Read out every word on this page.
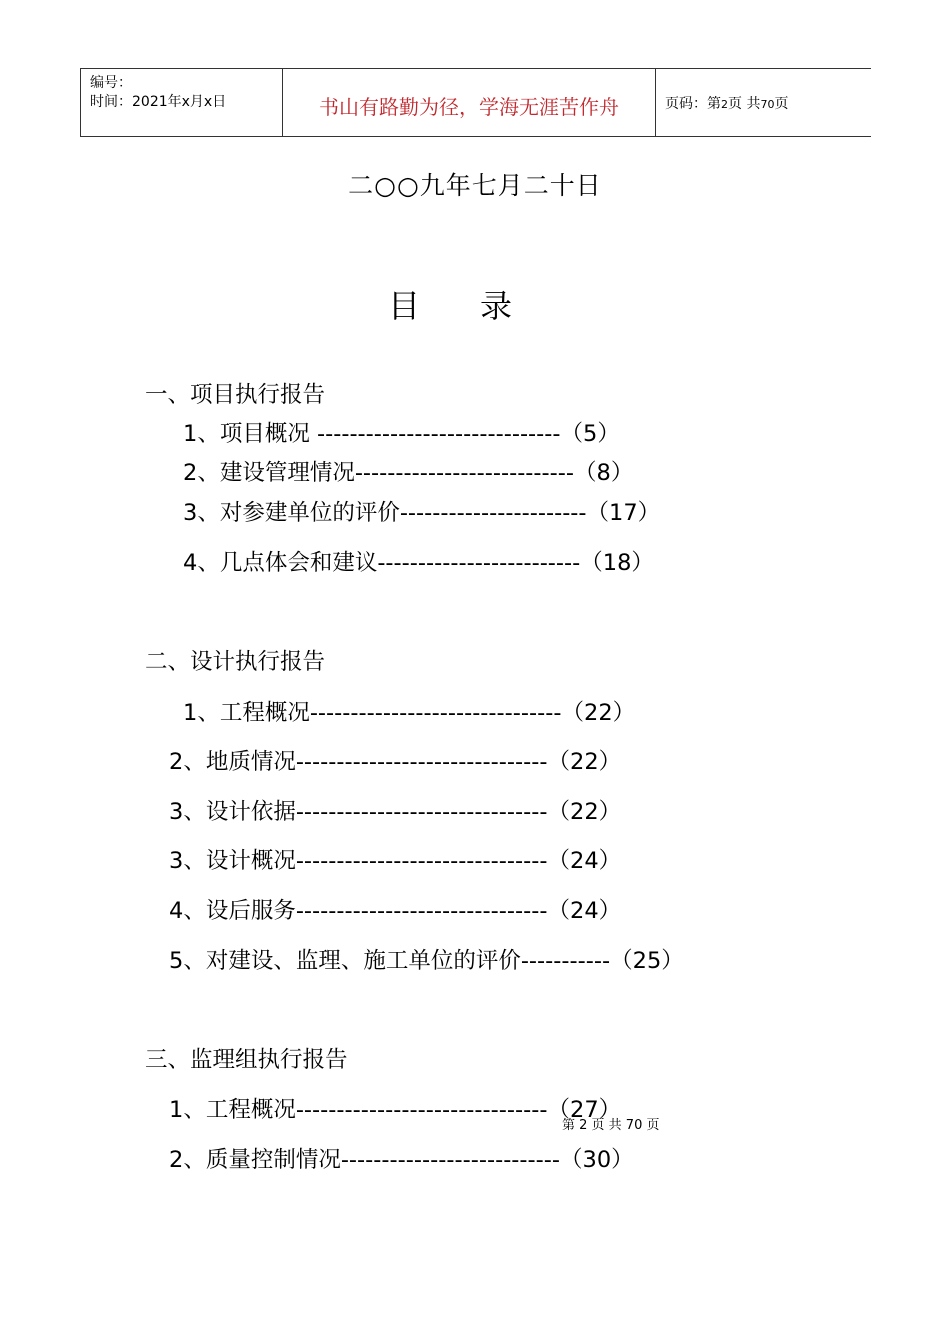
编号：
时间：2021年x月x日	书山有路勤为径，学海无涯苦作舟	页码：第2页 共70页
二○○九年七月二十日
目 录
一、项目执行报告
1、项目概况 ------------------------------（5）
2、建设管理情况---------------------------（8）
3、对参建单位的评价-----------------------（17）
4、几点体会和建议-------------------------（18）
二、设计执行报告
1、工程概况-------------------------------（22）
2、地质情况-------------------------------（22）
3、设计依据-------------------------------（22）
3、设计概况-------------------------------（24）
4、设后服务-------------------------------（24）
5、对建设、监理、施工单位的评价-----------（25）
三、监理组执行报告
1、工程概况-------------------------------（27）
2、质量控制情况---------------------------（30）
第 2 页 共 70 页
